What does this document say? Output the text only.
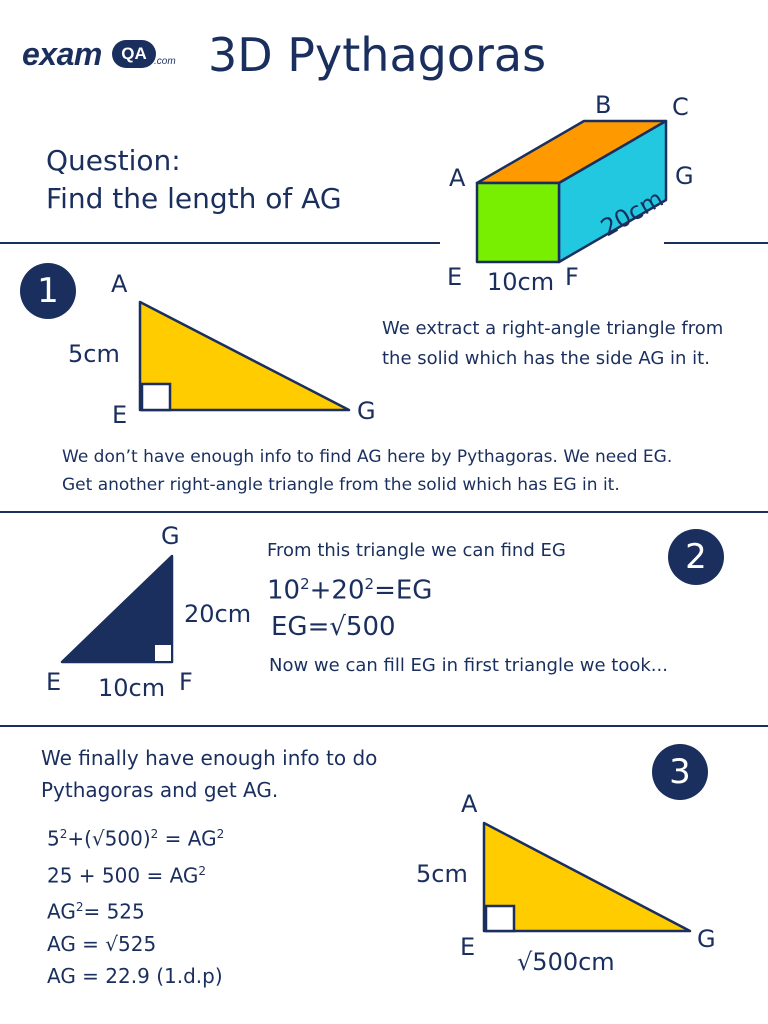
exam	QA .com 3D Pythagoras
Question:
Find the length of AG
A
B	C
G
E	F
10cm
20cm
1	A
E	G
5cm
We extract a right-angle triangle from
the solid which has the side AG in it.
We don’t have enough info to find AG here by Pythagoras. We need EG.
Get another right-angle triangle from the solid which has EG in it.
2
G
E	F
20cm
10cm
From this triangle we can find EG
$10^2+20^2=EG$
EG=√500
Now we can fill EG in first triangle we took...
3
We finally have enough info to do
Pythagoras and get AG.
$5^2+(√500)^2 = AG^2$
$25 + 500 = AG^2$
$AG^2= 525$
AG = √525
AG = 22.9 (1.d.p)
A
E	G
5cm
√500cm
